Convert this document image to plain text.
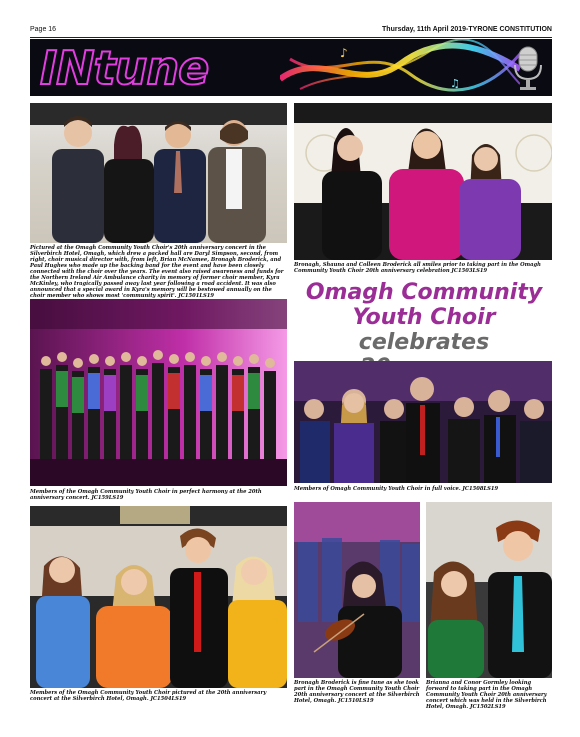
Page 16	Thursday, 11th April 2019-TYRONE CONSTITUTION
INtune	♪
♫
Pictured at the Omagh Community Youth Choir's 20th anniversary concert in the Silverbirch Hotel, Omagh, which drew a packed hall are Daryl Simpson, second, from right, choir musical director with, from left, Brian McNamee, Bronagh Broderick, and Paul Hughes who made up the backing band for the event and have been closely connected with the choir over the years. The event also raised awareness and funds for the Northern Ireland Air Ambulance charity in memory of former choir member, Kyra McKinley, who tragically passed away last year following a road accident. It was also announced that a special award in Kyra's memory will be bestowed annually on the choir member who shows most 'community spirit'. JC1501LS19
Bronagh, Shauna and Colleen Broderick all smiles prior to taking part in the Omagh Community Youth Choir 20th anniversary celebration JC1503LS19
Omagh Community
Youth Choir celebrates
Members of the Omagh Community Youth Choir in perfect harmony at the 20th anniversary concert. JC159LS19
Members of Omagh Community Youth Choir in full voice. JC1508LS19
Members of the Omagh Community Youth Choir pictured at the 20th anniversary concert at the Silverbirch Hotel, Omagh. JC1504LS19
Bronagh Broderick is fine tune as she took part in the Omagh Community Youth Choir 20th anniversary concert at the Silverbirch Hotel, Omagh. JC1510LS19
Brianna and Conor Gormley looking forward to taking part in the Omagh Community Youth Choir 20th anniversary concert which was held in the Silverbirch Hotel, Omagh. JC1502LS19
